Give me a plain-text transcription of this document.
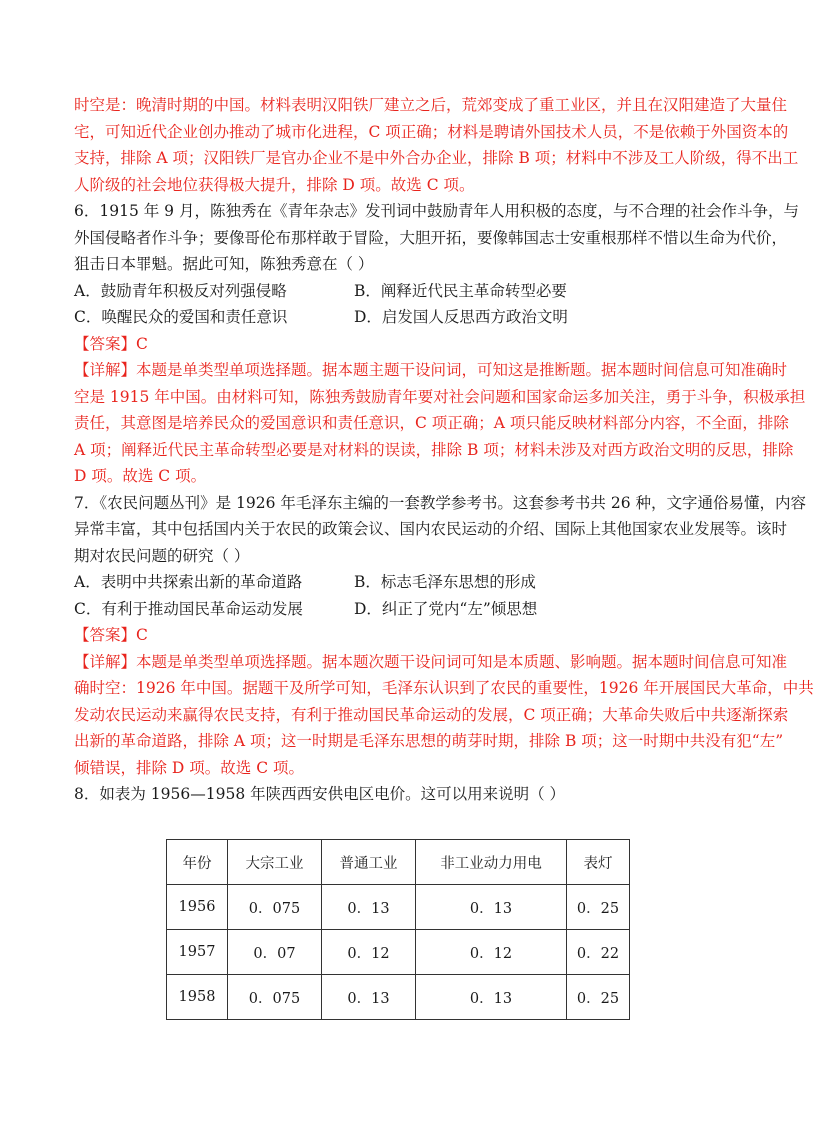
时空是：晚清时期的中国。材料表明汉阳铁厂建立之后，荒郊变成了重工业区，并且在汉阳建造了大量住
宅，可知近代企业创办推动了城市化进程，C 项正确；材料是聘请外国技术人员，不是依赖于外国资本的
支持，排除 A 项；汉阳铁厂是官办企业不是中外合办企业，排除 B 项；材料中不涉及工人阶级，得不出工
人阶级的社会地位获得极大提升，排除 D 项。故选 C 项。
6．1915 年 9 月，陈独秀在《青年杂志》发刊词中鼓励青年人用积极的态度，与不合理的社会作斗争，与
外国侵略者作斗争；要像哥伦布那样敢于冒险，大胆开拓，要像韩国志士安重根那样不惜以生命为代价，
狙击日本罪魁。据此可知，陈独秀意在（ ）
A．鼓励青年积极反对列强侵略	B．阐释近代民主革命转型必要
C．唤醒民众的爱国和责任意识	D．启发国人反思西方政治文明
【答案】C
【详解】本题是单类型单项选择题。据本题主题干设问词，可知这是推断题。据本题时间信息可知准确时
空是 1915 年中国。由材料可知，陈独秀鼓励青年要对社会问题和国家命运多加关注，勇于斗争，积极承担
责任，其意图是培养民众的爱国意识和责任意识，C 项正确；A 项只能反映材料部分内容，不全面，排除
A 项；阐释近代民主革命转型必要是对材料的误读，排除 B 项；材料未涉及对西方政治文明的反思，排除
D 项。故选 C 项。
7．《农民问题丛刊》是 1926 年毛泽东主编的一套教学参考书。这套参考书共 26 种，文字通俗易懂，内容
异常丰富，其中包括国内关于农民的政策会议、国内农民运动的介绍、国际上其他国家农业发展等。该时
期对农民问题的研究（ ）
A．表明中共探索出新的革命道路	B．标志毛泽东思想的形成
C．有利于推动国民革命运动发展	D．纠正了党内“左”倾思想
【答案】C
【详解】本题是单类型单项选择题。据本题次题干设问词可知是本质题、影响题。据本题时间信息可知准
确时空：1926 年中国。据题干及所学可知，毛泽东认识到了农民的重要性，1926 年开展国民大革命，中共
发动农民运动来赢得农民支持，有利于推动国民革命运动的发展，C 项正确；大革命失败后中共逐渐探索
出新的革命道路，排除 A 项；这一时期是毛泽东思想的萌芽时期，排除 B 项；这一时期中共没有犯“左”
倾错误，排除 D 项。故选 C 项。
8．如表为 1956—1958 年陕西西安供电区电价。这可以用来说明（ ）
年份	大宗工业	普通工业	非工业动力用电	表灯
1956	0．075	0．13	0．13	0．25
1957	0．07	0．12	0．12	0．22
1958	0．075	0．13	0．13	0．25
